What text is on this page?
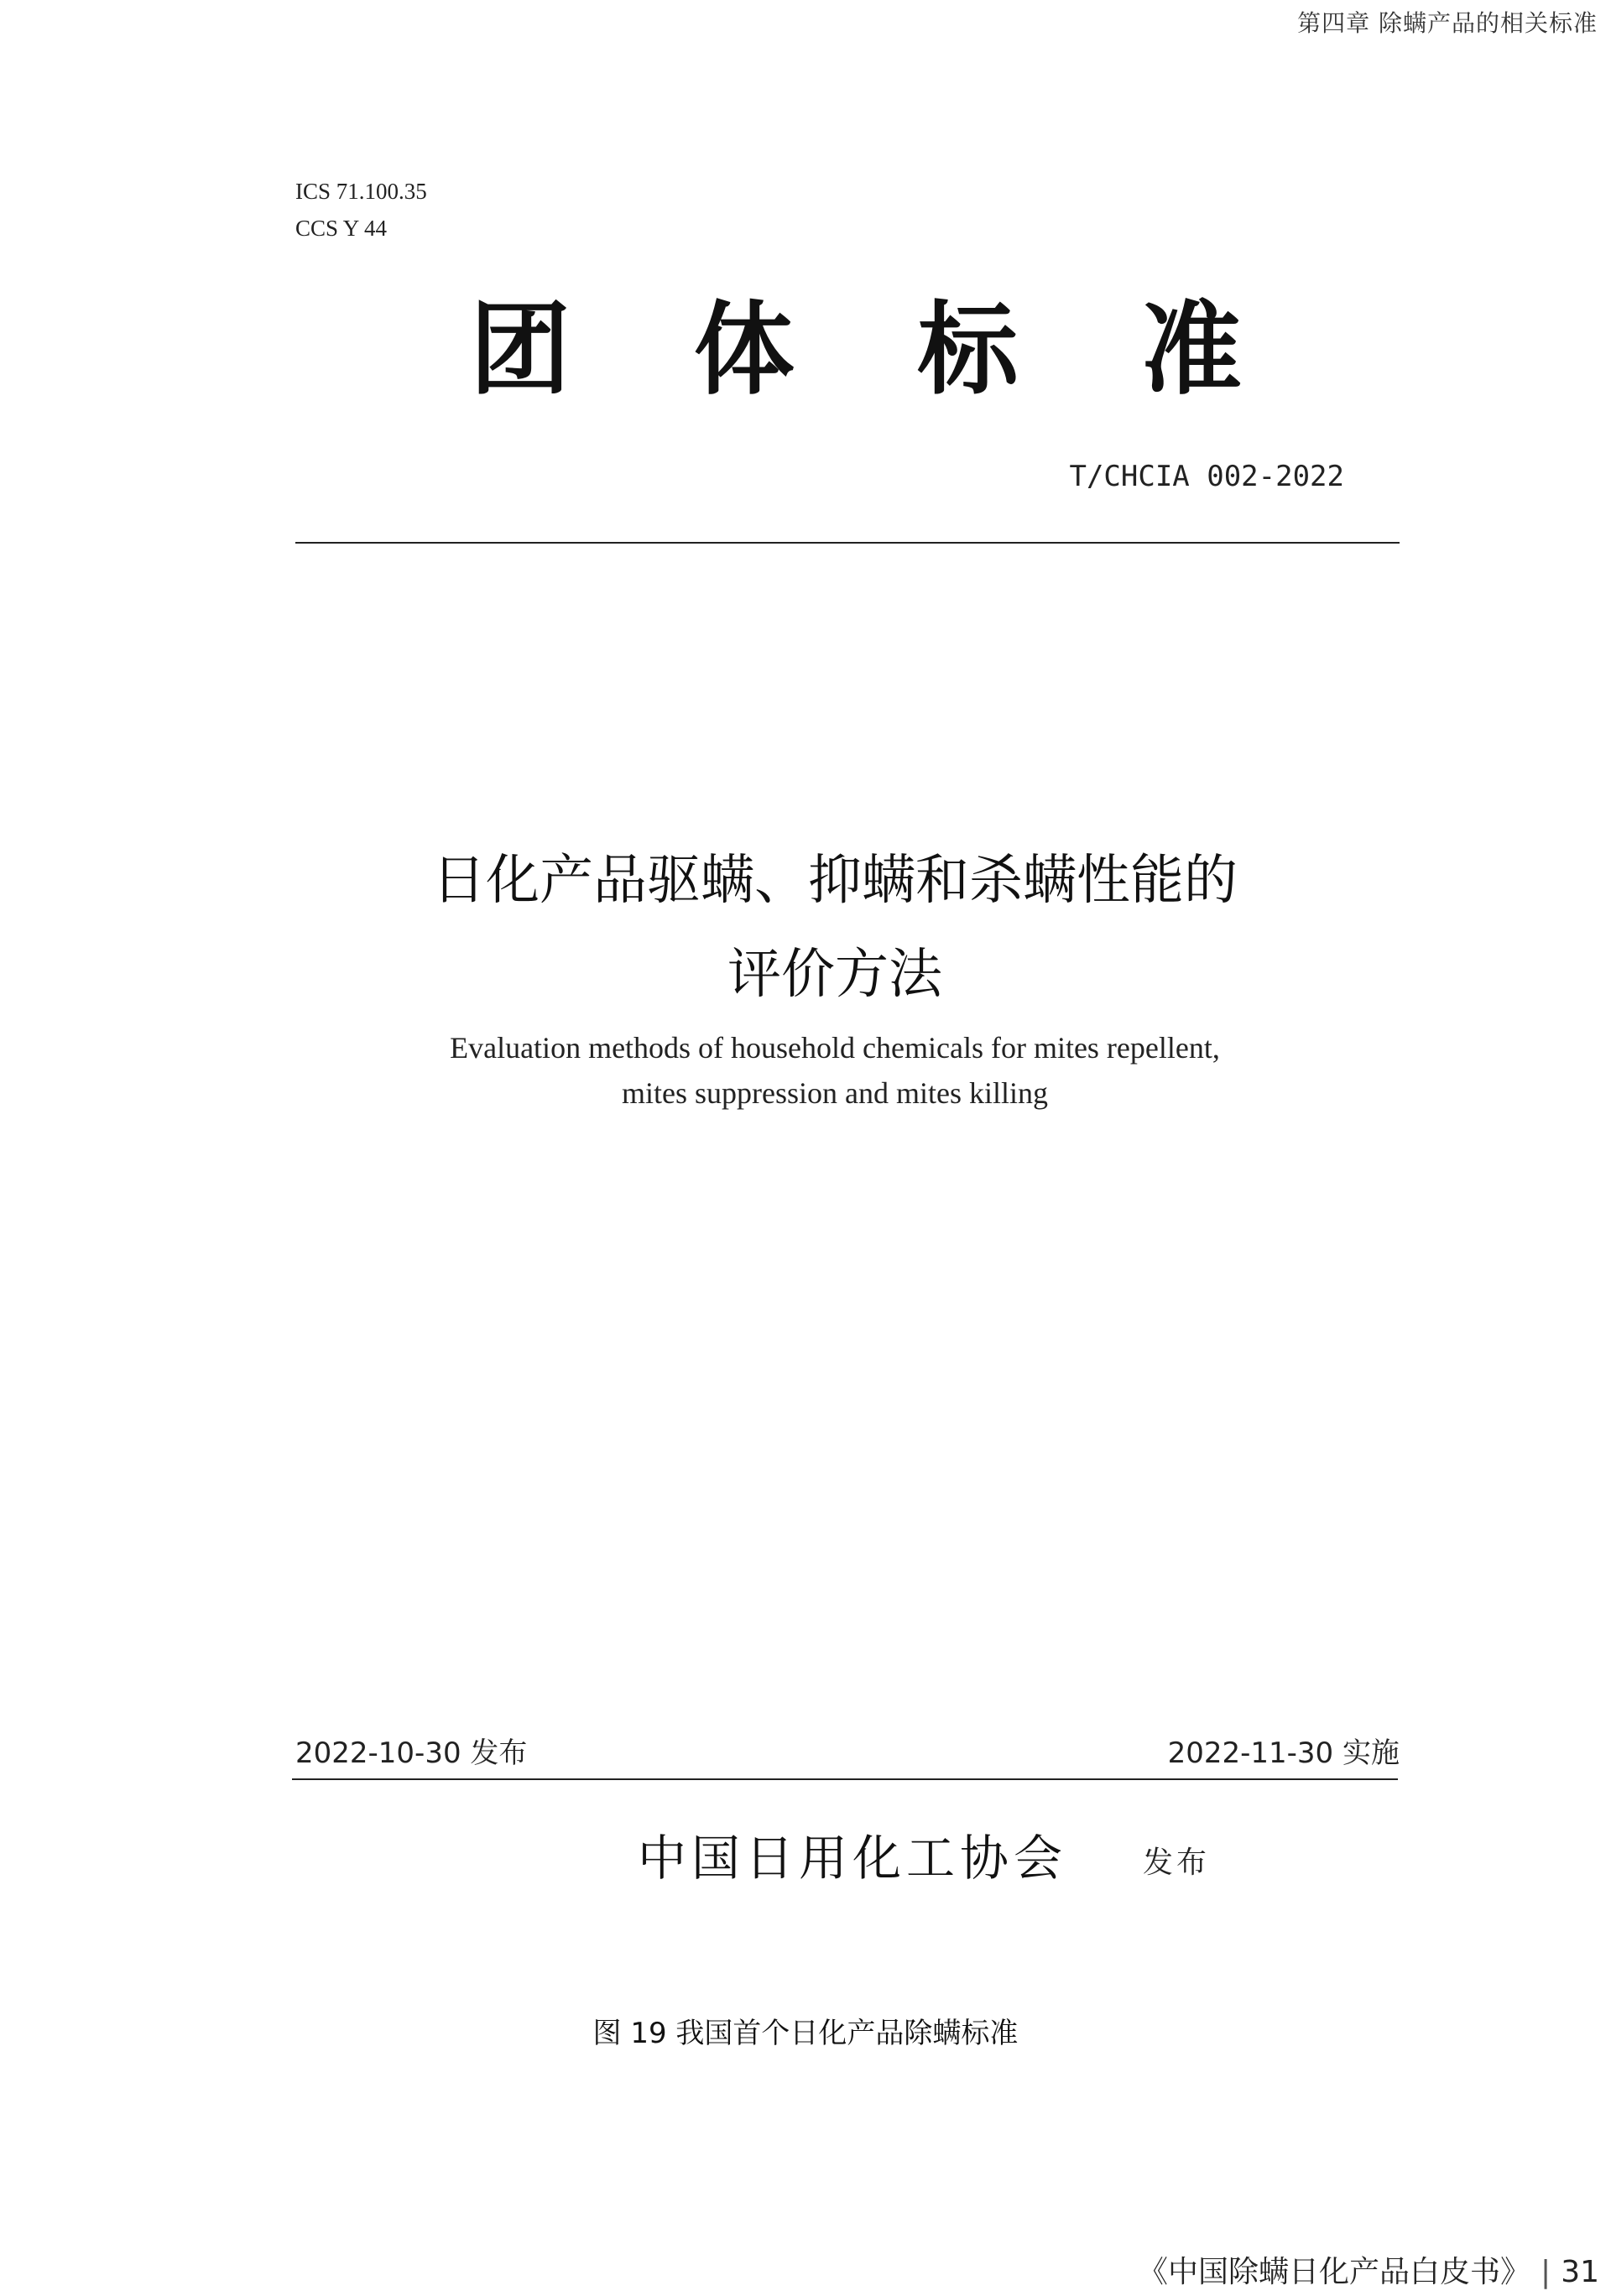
第四章 除螨产品的相关标准
ICS 71.100.35
CCS Y 44
团 体 标 准
T/CHCIA 002-2022
日化产品驱螨、抑螨和杀螨性能的
评价方法
Evaluation methods of household chemicals for mites repellent,
mites suppression and mites killing
2022-10-30 发布	2022-11-30 实施
中国日用化工协会 发布
图 19 我国首个日化产品除螨标准
《中国除螨日化产品白皮书》 | 31
